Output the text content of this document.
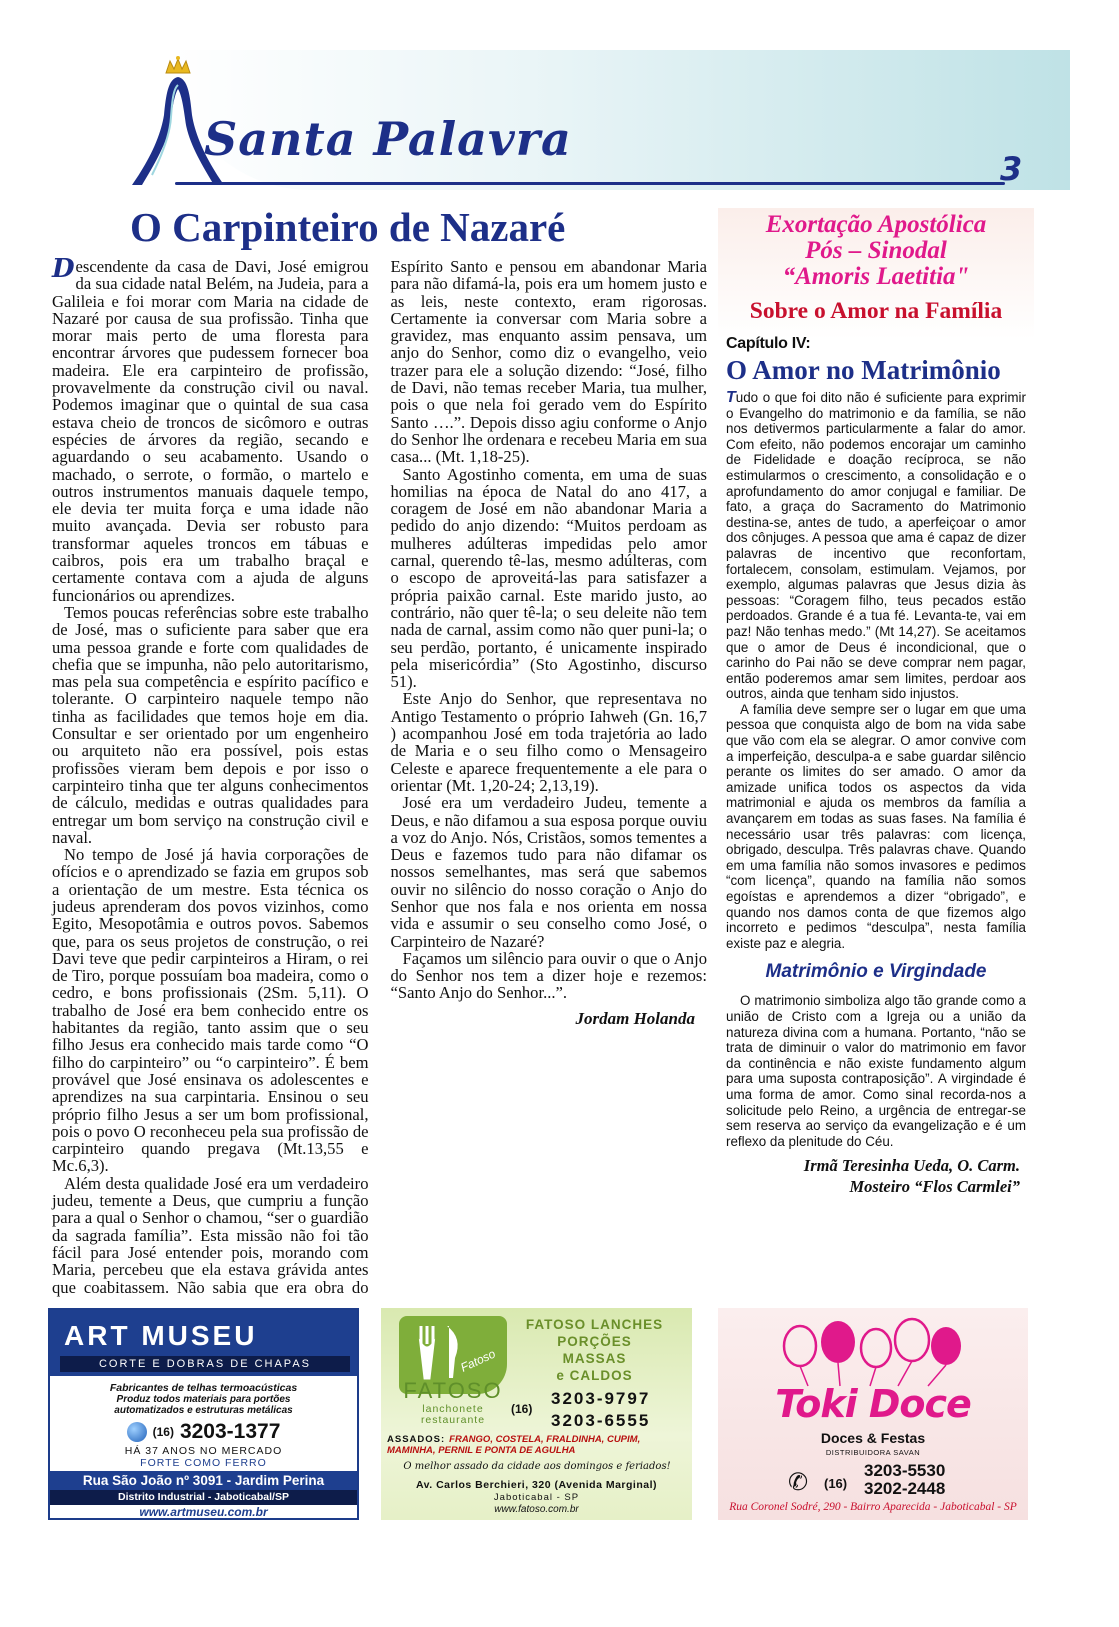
Santa Palavra
3
O Carpinteiro de Nazaré

Descendente da casa de Davi, José emigrou da sua cidade natal Belém, na Judeia, para a Galileia e foi morar com Maria na cidade de Nazaré por causa de sua profissão. Tinha que morar mais perto de uma floresta para encontrar árvores que pudessem fornecer boa madeira. Ele era carpinteiro de profissão, provavelmente da construção civil ou naval. Podemos imaginar que o quintal de sua casa estava cheio de troncos de sicômoro e outras espécies de árvores da região, secando e aguardando o seu acabamento. Usando o machado, o serrote, o formão, o martelo e outros instrumentos manuais daquele tempo, ele devia ter muita força e uma idade não muito avançada. Devia ser robusto para transformar aqueles troncos em tábuas e caibros, pois era um trabalho braçal e certamente contava com a ajuda de alguns funcionários ou aprendizes.

Temos poucas referências sobre este trabalho de José, mas o suficiente para saber que era uma pessoa grande e forte com qualidades de chefia que se impunha, não pelo autoritarismo, mas pela sua competência e espírito pacífico e tolerante. O carpinteiro naquele tempo não tinha as facilidades que temos hoje em dia. Consultar e ser orientado por um engenheiro ou arquiteto não era possível, pois estas profissões vieram bem depois e por isso o carpinteiro tinha que ter alguns conhecimentos de cálculo, medidas e outras qualidades para entregar um bom serviço na construção civil e naval.

No tempo de José já havia corporações de ofícios e o aprendizado se fazia em grupos sob a orientação de um mestre. Esta técnica os judeus aprenderam dos povos vizinhos, como Egito, Mesopotâmia e outros povos. Sabemos que, para os seus projetos de construção, o rei Davi teve que pedir carpinteiros a Hiram, o rei de Tiro, porque possuíam boa madeira, como o cedro, e bons profissionais (2Sm. 5,11). O trabalho de José era bem conhecido entre os habitantes da região, tanto assim que o seu filho Jesus era conhecido mais tarde como “O filho do carpinteiro” ou “o carpinteiro”. É bem provável que José ensinava os adolescentes e aprendizes na sua carpintaria. Ensinou o seu próprio filho Jesus a ser um bom profissional, pois o povo O reconheceu pela sua profissão de carpinteiro quando pregava (Mt.13,55 e Mc.6,3).

Além desta qualidade José era um verdadeiro judeu, temente a Deus, que cumpriu a função para a qual o Senhor o chamou, “ser o guardião da sagrada família”. Esta missão não foi tão fácil para José entender pois, morando com Maria, percebeu que ela estava grávida antes que coabitassem. Não sabia que era obra do Espírito Santo e pensou em abandonar Maria para não difamá-la, pois era um homem justo e as leis, neste contexto, eram rigorosas. Certamente ia conversar com Maria sobre a gravidez, mas enquanto assim pensava, um anjo do Senhor, como diz o evangelho, veio trazer para ele a solução dizendo: “José, filho de Davi, não temas receber Maria, tua mulher, pois o que nela foi gerado vem do Espírito Santo ….”. Depois disso agiu conforme o Anjo do Senhor lhe ordenara e recebeu Maria em sua casa... (Mt. 1,18-25).

Santo Agostinho comenta, em uma de suas homilias na época de Natal do ano 417, a coragem de José em não abandonar Maria a pedido do anjo dizendo: “Muitos perdoam as mulheres adúlteras impedidas pelo amor carnal, querendo tê-las, mesmo adúlteras, com o escopo de aproveitá-las para satisfazer a própria paixão carnal. Este marido justo, ao contrário, não quer tê-la; o seu deleite não tem nada de carnal, assim como não quer puni-la; o seu perdão, portanto, é unicamente inspirado pela misericórdia” (Sto Agostinho, discurso 51).

Este Anjo do Senhor, que representava no Antigo Testamento o próprio Iahweh (Gn. 16,7 ) acompanhou José em toda trajetória ao lado de Maria e o seu filho como o Mensageiro Celeste e aparece frequentemente a ele para o orientar (Mt. 1,20-24; 2,13,19).

José era um verdadeiro Judeu, temente a Deus, e não difamou a sua esposa porque ouviu a voz do Anjo. Nós, Cristãos, somos tementes a Deus e fazemos tudo para não difamar os nossos semelhantes, mas será que sabemos ouvir no silêncio do nosso coração o Anjo do Senhor que nos fala e nos orienta em nossa vida e assumir o seu conselho como José, o Carpinteiro de Nazaré?

Façamos um silêncio para ouvir o que o Anjo do Senhor nos tem a dizer hoje e rezemos: “Santo Anjo do Senhor...”.

Jordam Holanda
Exortação Apostólica
Pós – Sinodal
“Amoris Laetitia"
Sobre o Amor na Família
Capítulo IV:
O Amor no Matrimônio

Tudo o que foi dito não é suficiente para exprimir o Evangelho do matrimonio e da família, se não nos detivermos particularmente a falar do amor. Com efeito, não podemos encorajar um caminho de Fidelidade e doação recíproca, se não estimularmos o crescimento, a consolidação e o aprofundamento do amor conjugal e familiar. De fato, a graça do Sacramento do Matrimonio destina-se, antes de tudo, a aperfeiçoar o amor dos cônjuges. A pessoa que ama é capaz de dizer palavras de incentivo que reconfortam, fortalecem, consolam, estimulam. Vejamos, por exemplo, algumas palavras que Jesus dizia às pessoas: “Coragem filho, teus pecados estão perdoados. Grande é a tua fé. Levanta-te, vai em paz! Não tenhas medo.” (Mt 14,27). Se aceitamos que o amor de Deus é incondicional, que o carinho do Pai não se deve comprar nem pagar, então poderemos amar sem limites, perdoar aos outros, ainda que tenham sido injustos.

A família deve sempre ser o lugar em que uma pessoa que conquista algo de bom na vida sabe que vão com ela se alegrar. O amor convive com a imperfeição, desculpa-a e sabe guardar silêncio perante os limites do ser amado. O amor da amizade unifica todos os aspectos da vida matrimonial e ajuda os membros da família a avançarem em todas as suas fases. Na família é necessário usar três palavras: com licença, obrigado, desculpa. Três palavras chave. Quando em uma família não somos invasores e pedimos “com licença”, quando na família não somos egoístas e aprendemos a dizer “obrigado”, e quando nos damos conta de que fizemos algo incorreto e pedimos “desculpa”, nesta família existe paz e alegria.

Matrimônio e Virgindade

O matrimonio simboliza algo tão grande como a união de Cristo com a Igreja ou a união da natureza divina com a humana. Portanto, “não se trata de diminuir o valor do matrimonio em favor da continência e não existe fundamento algum para uma suposta contraposição”. A virgindade é uma forma de amor. Como sinal recorda-nos a solicitude pelo Reino, a urgência de entregar-se sem reserva ao serviço da evangelização e é um reflexo da plenitude do Céu.

Irmã Teresinha Ueda, O. Carm.
Mosteiro “Flos Carmlei”
ART MUSEU
CORTE E DOBRAS DE CHAPAS
Fabricantes de telhas termoacústicas
Produz todos materiais para portões
automatizados e estruturas metálicas
(16) 3203-1377
HÁ 37 ANOS NO MERCADO
FORTE COMO FERRO
Rua São João nº 3091 - Jardim Perina
Distrito Industrial - Jaboticabal/SP
www.artmuseu.com.br
Fatoso
FATOSO LANCHES
PORÇÕES
MASSAS
e CALDOS
FATOSO
lanchonete
restaurante
(16)
3203-9797
3203-6555
ASSADOS: FRANGO, COSTELA, FRALDINHA, CUPIM, MAMINHA, PERNIL E PONTA DE AGULHA
O melhor assado da cidade aos domingos e feriados!
Av. Carlos Berchieri, 320 (Avenida Marginal)
Jaboticabal - SP
www.fatoso.com.br
Toki Doce
Doces & Festas
DISTRIBUIDORA SAVAN
✆ (16)
3203-5530
3202-2448
Rua Coronel Sodré, 290 - Bairro Aparecida - Jaboticabal - SP
